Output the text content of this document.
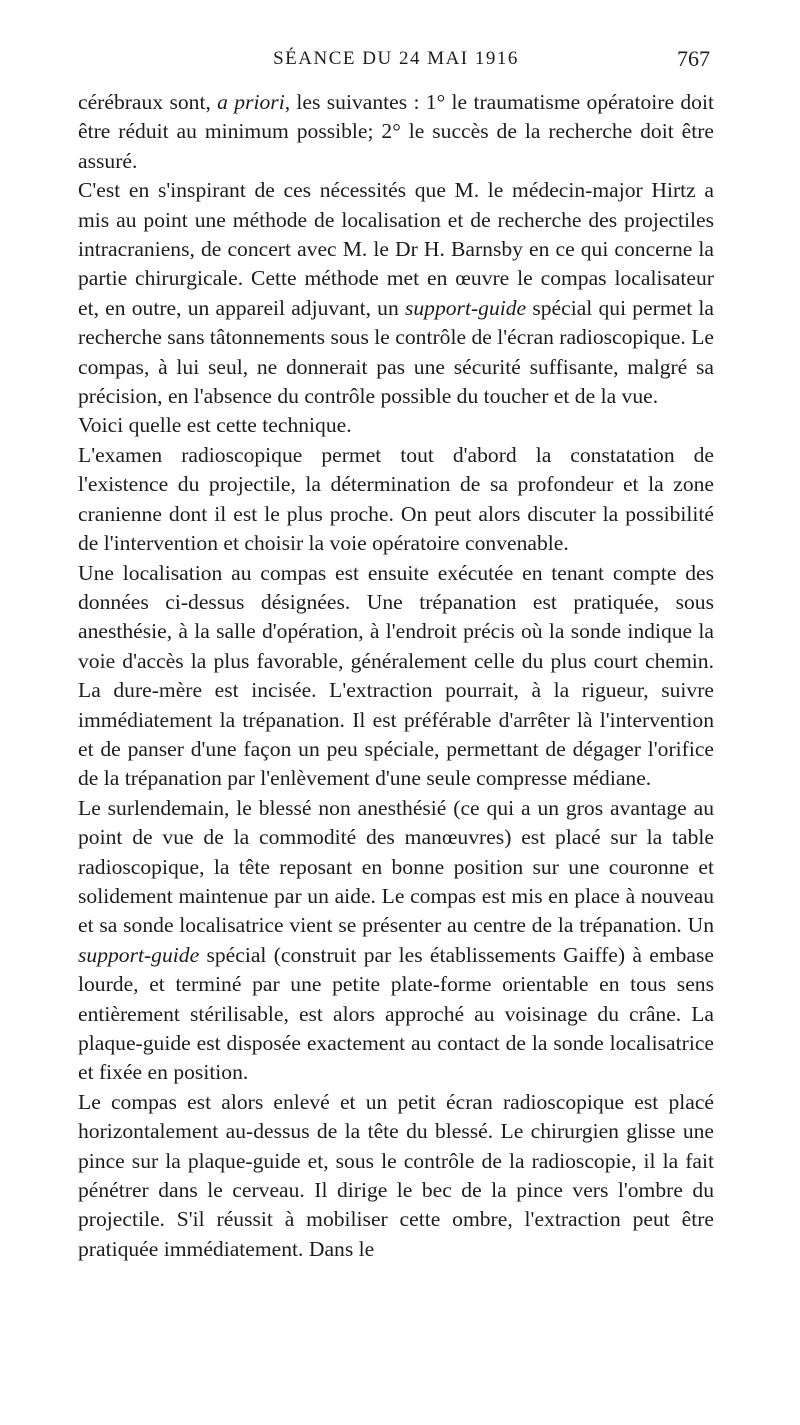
SÉANCE DU 24 MAI 1916	767

cérébraux sont, a priori, les suivantes : 1° le traumatisme opératoire doit être réduit au minimum possible; 2° le succès de la recherche doit être assuré.

C'est en s'inspirant de ces nécessités que M. le médecin-major Hirtz a mis au point une méthode de localisation et de recherche des projectiles intracraniens, de concert avec M. le Dr H. Barnsby en ce qui concerne la partie chirurgicale. Cette méthode met en œuvre le compas localisateur et, en outre, un appareil adjuvant, un support-guide spécial qui permet la recherche sans tâtonnements sous le contrôle de l'écran radioscopique. Le compas, à lui seul, ne donnerait pas une sécurité suffisante, malgré sa précision, en l'absence du contrôle possible du toucher et de la vue.

Voici quelle est cette technique.

L'examen radioscopique permet tout d'abord la constatation de l'existence du projectile, la détermination de sa profondeur et la zone cranienne dont il est le plus proche. On peut alors discuter la possibilité de l'intervention et choisir la voie opératoire convenable.

Une localisation au compas est ensuite exécutée en tenant compte des données ci-dessus désignées. Une trépanation est pratiquée, sous anesthésie, à la salle d'opération, à l'endroit précis où la sonde indique la voie d'accès la plus favorable, généralement celle du plus court chemin. La dure-mère est incisée. L'extraction pourrait, à la rigueur, suivre immédiatement la trépanation. Il est préférable d'arrêter là l'intervention et de panser d'une façon un peu spéciale, permettant de dégager l'orifice de la trépanation par l'enlèvement d'une seule compresse médiane.

Le surlendemain, le blessé non anesthésié (ce qui a un gros avantage au point de vue de la commodité des manœuvres) est placé sur la table radioscopique, la tête reposant en bonne position sur une couronne et solidement maintenue par un aide. Le compas est mis en place à nouveau et sa sonde localisatrice vient se présenter au centre de la trépanation. Un support-guide spécial (construit par les établissements Gaiffe) à embase lourde, et terminé par une petite plate-forme orientable en tous sens entièrement stérilisable, est alors approché au voisinage du crâne. La plaque-guide est disposée exactement au contact de la sonde localisatrice et fixée en position.

Le compas est alors enlevé et un petit écran radioscopique est placé horizontalement au-dessus de la tête du blessé. Le chirurgien glisse une pince sur la plaque-guide et, sous le contrôle de la radioscopie, il la fait pénétrer dans le cerveau. Il dirige le bec de la pince vers l'ombre du projectile. S'il réussit à mobiliser cette ombre, l'extraction peut être pratiquée immédiatement. Dans le
